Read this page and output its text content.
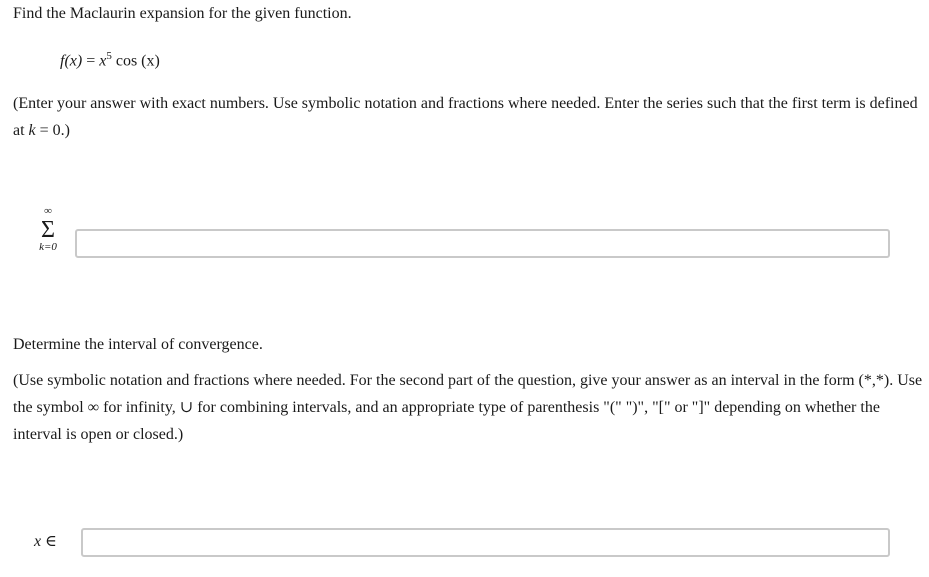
Find the Maclaurin expansion for the given function.
$f(x) = x^5$ cos (x)
(Enter your answer with exact numbers. Use symbolic notation and fractions where needed. Enter the series such that the first term is defined at k = 0.)
∞
Σ
k=0
Determine the interval of convergence.
(Use symbolic notation and fractions where needed. For the second part of the question, give your answer as an interval in the form (*,*). Use the symbol ∞ for infinity, ∪ for combining intervals, and an appropriate type of parenthesis "(" ")", "[" or "]" depending on whether the interval is open or closed.)
x ∈
